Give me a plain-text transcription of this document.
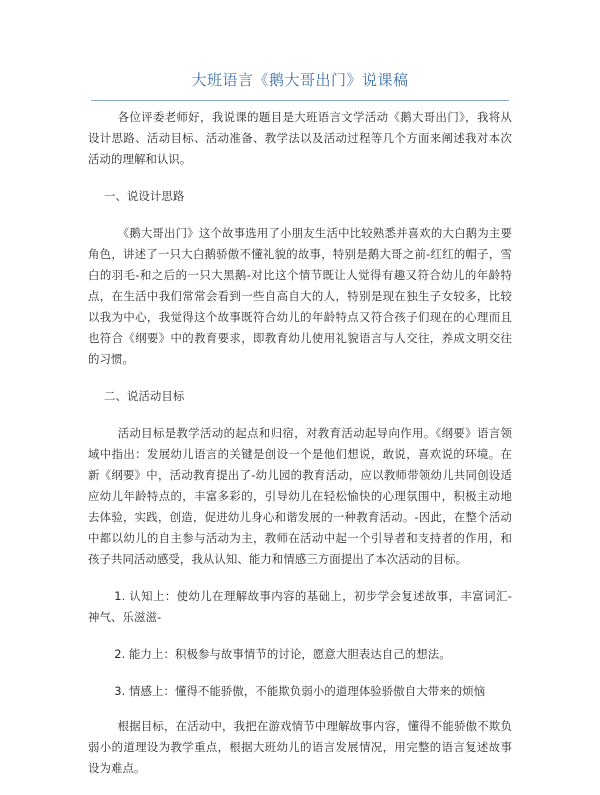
大班语言《鹅大哥出门》说课稿

各位评委老师好，我说课的题目是大班语言文学活动《鹅大哥出门》，我将从设计思路、活动目标、活动准备、教学法以及活动过程等几个方面来阐述我对本次活动的理解和认识。

一、说设计思路

《鹅大哥出门》这个故事选用了小朋友生活中比较熟悉并喜欢的大白鹅为主要角色，讲述了一只大白鹅骄傲不懂礼貌的故事，特别是鹅大哥之前-红红的帽子，雪白的羽毛-和之后的一只大黑鹅-对比这个情节既让人觉得有趣又符合幼儿的年龄特点，在生活中我们常常会看到一些自高自大的人，特别是现在独生子女较多，比较以我为中心，我觉得这个故事既符合幼儿的年龄特点又符合孩子们现在的心理而且也符合《纲要》中的教育要求，即教育幼儿使用礼貌语言与人交往，养成文明交往的习惯。

二、说活动目标

活动目标是教学活动的起点和归宿，对教育活动起导向作用。《纲要》语言领域中指出：发展幼儿语言的关键是创设一个是他们想说，敢说，喜欢说的环境。在新《纲要》中，活动教育提出了-幼儿园的教育活动，应以教师带领幼儿共同创设适应幼儿年龄特点的，丰富多彩的，引导幼儿在轻松愉快的心理氛围中，积极主动地去体验，实践，创造，促进幼儿身心和谐发展的一种教育活动。-因此，在整个活动中都以幼儿的自主参与活动为主，教师在活动中起一个引导者和支持者的作用，和孩子共同活动感受，我从认知、能力和情感三方面提出了本次活动的目标。

1. 认知上：使幼儿在理解故事内容的基础上，初步学会复述故事，丰富词汇-神气、乐滋滋-

2. 能力上：积极参与故事情节的讨论，愿意大胆表达自己的想法。

3. 情感上：懂得不能骄傲，不能欺负弱小的道理体验骄傲自大带来的烦恼

根据目标，在活动中，我把在游戏情节中理解故事内容，懂得不能骄傲不欺负弱小的道理设为教学重点，根据大班幼儿的语言发展情况，用完整的语言复述故事设为难点。
